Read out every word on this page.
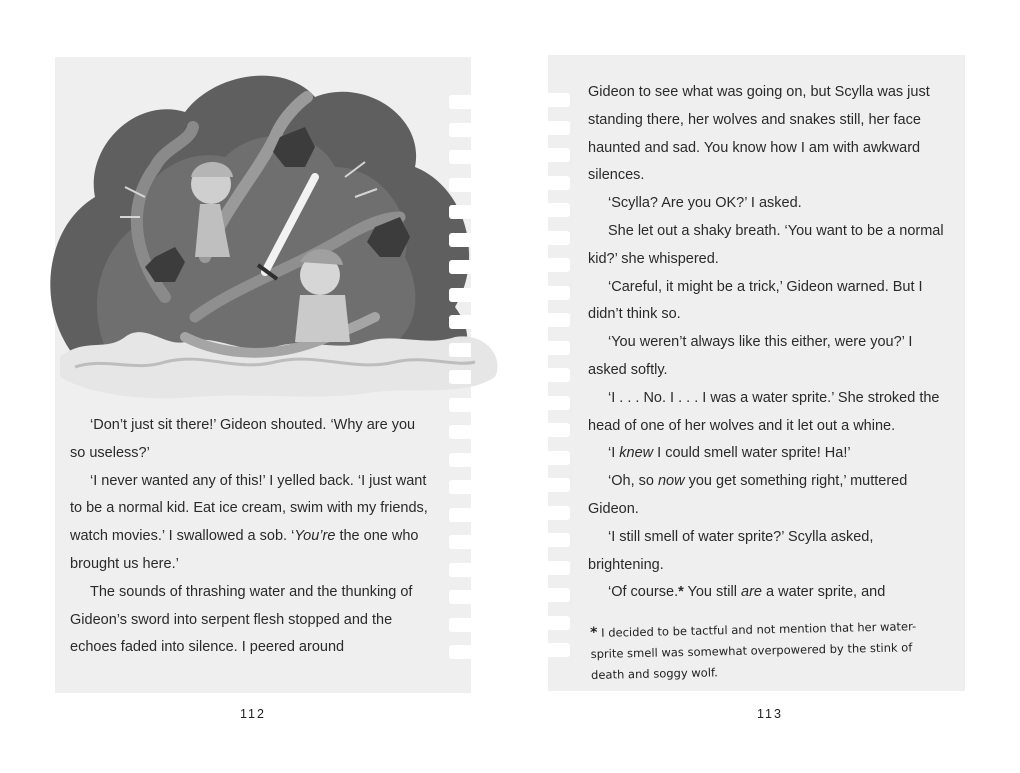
‘Don’t just sit there!’ Gideon shouted. ‘Why are you so useless?’

‘I never wanted any of this!’ I yelled back. ‘I just want to be a normal kid. Eat ice cream, swim with my friends, watch movies.’ I swallowed a sob. ‘You’re the one who brought us here.’

The sounds of thrashing water and the thunking of Gideon’s sword into serpent flesh stopped and the echoes faded into silence. I peered around

Gideon to see what was going on, but Scylla was just standing there, her wolves and snakes still, her face haunted and sad. You know how I am with awkward silences.

‘Scylla? Are you OK?’ I asked.

She let out a shaky breath. ‘You want to be a normal kid?’ she whispered.

‘Careful, it might be a trick,’ Gideon warned. But I didn’t think so.

‘You weren’t always like this either, were you?’ I asked softly.

‘I . . . No. I . . . I was a water sprite.’ She stroked the head of one of her wolves and it let out a whine.

‘I knew I could smell water sprite! Ha!’

‘Oh, so now you get something right,’ muttered Gideon.

‘I still smell of water sprite?’ Scylla asked, brightening.

‘Of course.* You still are a water sprite, and

* I decided to be tactful and not mention that her water-
sprite smell was somewhat overpowered by the stink of
death and soggy wolf.
112	113
